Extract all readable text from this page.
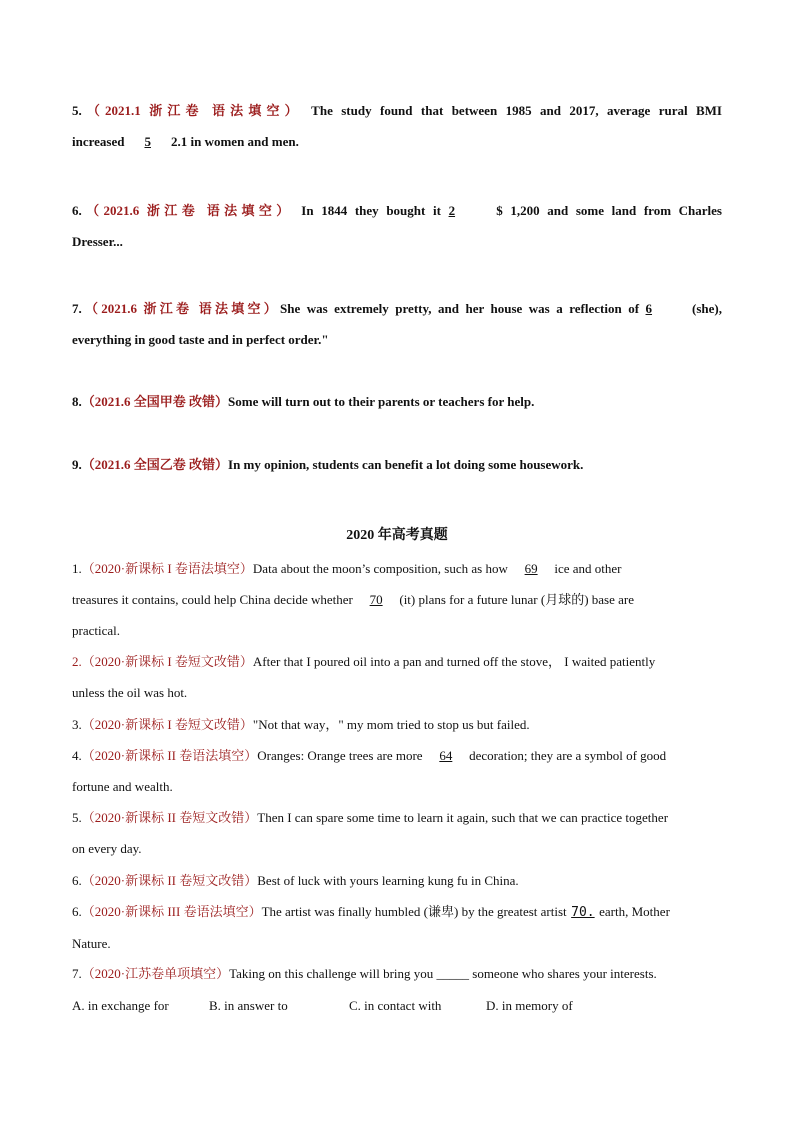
5.（2021.1 浙江卷 语法填空） The study found that between 1985 and 2017, average rural BMI
increased 5 2.1 in women and men.
6.（2021.6 浙江卷 语法填空） In 1844 they bought it 2	$ 1,200 and some land from Charles
Dresser...
7.（2021.6 浙江卷 语法填空）She was extremely pretty, and her house was a reflection of 6	(she),
everything in good taste and in perfect order."
8.（2021.6 全国甲卷 改错）Some will turn out to their parents or teachers for help.
9.（2021.6 全国乙卷 改错）In my opinion, students can benefit a lot doing some housework.
2020 年高考真题
1.（2020·新课标 I 卷语法填空）Data about the moon’s composition, such as how 69 ice and other
treasures it contains, could help China decide whether 70 (it) plans for a future lunar (月球的) base are
practical.
2.（2020·新课标 I 卷短文改错）After that I poured oil into a pan and turned off the stove， I waited patiently
unless the oil was hot.
3.（2020·新课标 I 卷短文改错）"Not that way，" my mom tried to stop us but failed.
4.（2020·新课标 II 卷语法填空）Oranges: Orange trees are more 64 decoration; they are a symbol of good
fortune and wealth.
5.（2020·新课标 II 卷短文改错）Then I can spare some time to learn it again, such that we can practice together
on every day.
6.（2020·新课标 II 卷短文改错）Best of luck with yours learning kung fu in China.
6.（2020·新课标 III 卷语法填空）The artist was finally humbled (谦卑) by the greatest artist 70. earth, Mother
Nature.
7.（2020·江苏卷单项填空）Taking on this challenge will bring you _____ someone who shares your interests.
A. in exchange for	B. in answer to	C. in contact with	D. in memory of
